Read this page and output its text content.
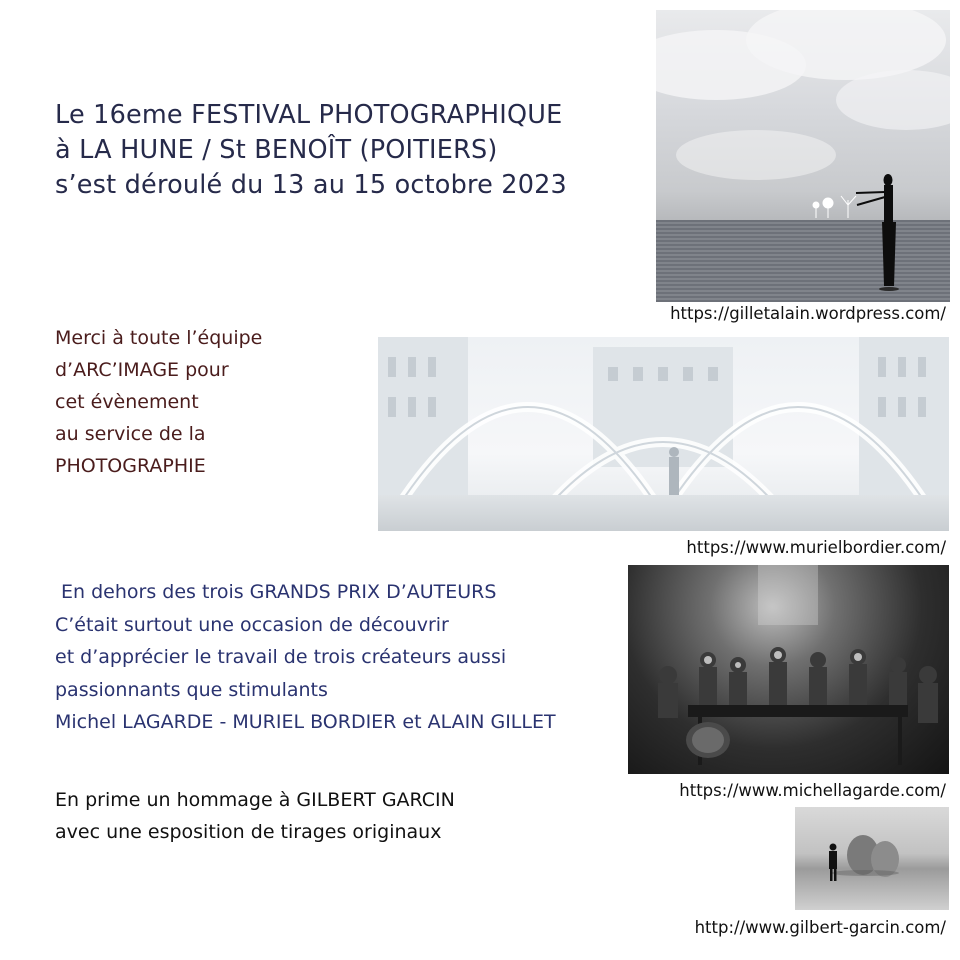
Le 16eme FESTIVAL PHOTOGRAPHIQUE
à LA HUNE / St BENOÎT (POITIERS)
s’est déroulé du 13 au 15 octobre 2023
https://gilletalain.wordpress.com/
Merci à toute l’équipe
d’ARC’IMAGE pour
cet évènement
au service de la
PHOTOGRAPHIE
https://www.murielbordier.com/
En dehors des trois GRANDS PRIX D’AUTEURS
C’était surtout une occasion de découvrir
et d’apprécier le travail de trois créateurs aussi
passionnants que stimulants
Michel LAGARDE - MURIEL BORDIER et ALAIN GILLET
https://www.michellagarde.com/
En prime un hommage à GILBERT GARCIN
avec une esposition de tirages originaux
http://www.gilbert-garcin.com/
